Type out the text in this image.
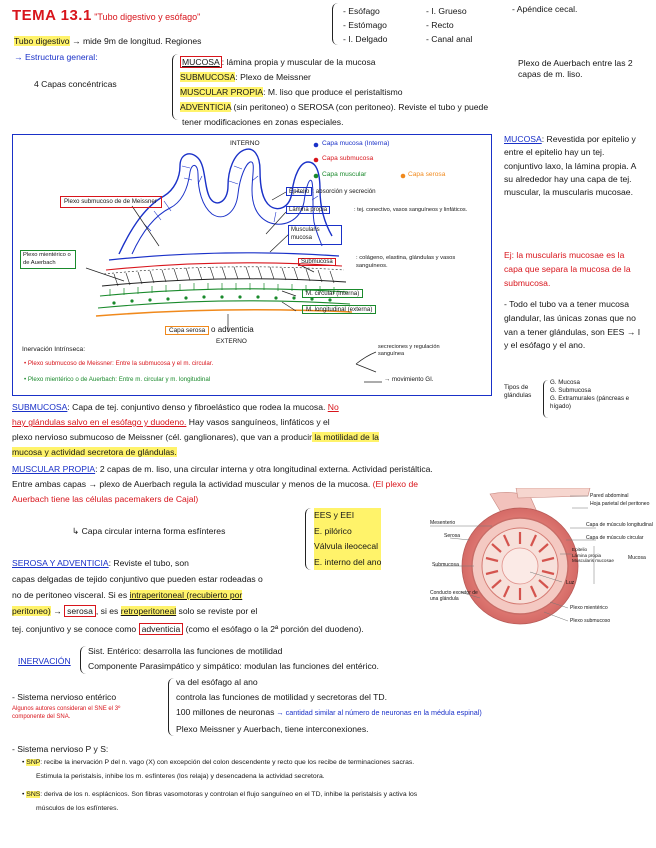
TEMA 13.1 "Tubo digestivo y esófago"
Tubo digestivo → mide 9m de longitud. Regiones
- Esófago
- Estómago
- I. Delgado
- I. Grueso
- Recto
- Canal anal
- Apéndice cecal.
→ Estructura general:
4 Capas concéntricas
MUCOSA : lámina propia y muscular de la mucosa
SUBMUCOSA: Plexo de Meissner
MUSCULAR PROPIA: M. liso que produce el peristaltismo
ADVENTICIA (sin peritoneo) o SEROSA (con peritoneo). Reviste el tubo y puede
tener modificaciones en zonas especiales.
Plexo de Auerbach entre las 2 capas de m. liso.
INTERNO	Capa mucosa (Interna)
Capa submucosa
Capa muscular	Capa serosa
Plexo submucoso de de Meissner
Plexo mientérico o de Auerbach
Epitelio : absorción y secreción
Lámina propia	: tej. conectivo, vasos sanguíneos y linfáticos.
Muscularis mucosa
Submucosa
: colágeno, elastina, glándulas y vasos sanguíneos.
M. circular (interna)
M. longitudinal (externa)
Capa serosa o adventicia
EXTERNO
Inervación Intrínseca:
• Plexo submucoso de Meissner: Entre la submucosa y el m. circular.
secreciones y regulación sanguínea
• Plexo mientérico o de Auerbach: Entre m. circular y m. longitudinal	→ movimiento GI.
MUCOSA: Revestida por epitelio y entre el epitelio hay un tej. conjuntivo laxo, la lámina propia. A su alrededor hay una capa de tej. muscular, la muscularis mucosae.
Ej: la muscularis mucosae es la capa que separa la mucosa de la submucosa.
- Todo el tubo va a tener mucosa glandular, las únicas zonas que no van a tener glándulas, son EES → I y el esófago y el ano.
Tipos de glándulas
G. Mucosa
G. Submucosa
G. Extramurales (páncreas e hígado)
SUBMUCOSA: Capa de tej. conjuntivo denso y fibroelástico que rodea la mucosa. No
hay glándulas salvo en el esófago y duodeno. Hay vasos sanguíneos, linfáticos y el
plexo nervioso submucoso de Meissner (cél. ganglionares), que van a producir la motilidad de la
mucosa y actividad secretora de glándulas.
MUSCULAR PROPIA: 2 capas de m. liso, una circular interna y otra longitudinal externa. Actividad peristáltica.
Entre ambas capas → plexo de Auerbach regula la actividad muscular y menos de la mucosa. (El plexo de
Auerbach tiene las células pacemakers de Cajal)
↳ Capa circular interna forma esfínteres
EES y EEI
E. pilórico
Válvula ileocecal
E. interno del ano
SEROSA Y ADVENTICIA: Reviste el tubo, son
capas delgadas de tejido conjuntivo que pueden estar rodeadas o
no de peritoneo visceral. Si es intraperitoneal (recubierto por
peritoneo) → serosa , si es retroperitoneal solo se reviste por el
tej. conjuntivo y se conoce como adventicia (como el esófago o la 2ª porción del duodeno).
Pared abdominal
Hoja parietal del peritoneo
Mesenterio
Serosa
Capa de músculo longitudinal
Capa de músculo circular
Epitelio
Lámina propia
Muscularis mucosae	Mucosa
Submucosa
Luz
Conducto excretor de una glándula
Plexo mientérico
Plexo submucoso
INERVACIÓN
Sist. Entérico: desarrolla las funciones de motilidad
Componente Parasimpático y simpático: modulan las funciones del entérico.
- Sistema nervioso entérico
Algunos autores consideran el SNE el 3º componente del SNA.
va del esófago al ano
controla las funciones de motilidad y secretoras del TD.
100 millones de neuronas → cantidad similar al número de neuronas en la médula espinal)
Plexo Meissner y Auerbach, tiene interconexiones.
- Sistema nervioso P y S:
• SNP: recibe la inervación P del n. vago (X) con excepción del colon descendente y recto que los recibe de terminaciones sacras.
Estimula la peristalsis, inhibe los m. esfínteres (los relaja) y desencadena la actividad secretora.
• SNS: deriva de los n. esplácnicos. Son fibras vasomotoras y controlan el flujo sanguíneo en el TD, inhibe la peristalsis y activa los
músculos de los esfínteres.
